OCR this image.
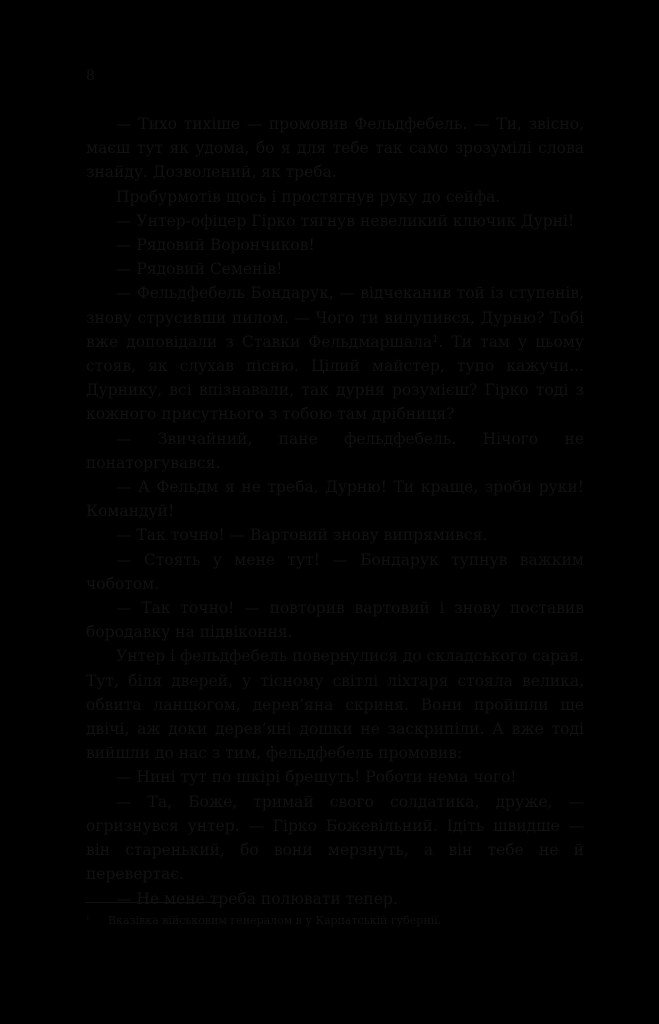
8

— Тихо тихіше — промовив Фельдфебель. — Ти, звісно, маєш тут як удома, бо я для тебе так само зрозумілі слова знайду. Дозволений, як треба.

Пробурмотів щось і простягнув руку до сейфа.

— Унтер-офіцер Гірко тягнув невеликий ключик Дурні!

— Рядовий Ворончиков!

— Рядовий Семенів!

— Фельдфебель Бондарук, — відчеканив той із ступенів, знову струсивши пилом. — Чого ти вилупився, Дурню? Тобі вже доповідали з Ставки Фельдмаршала¹. Ти там у цьому стояв, як слухав пісню. Цілий майстер, тупо кажучи... Дурнику, всі впізнавали, так дурня розумієш? Гірко тоді з кожного присутнього з тобою там дрібниця?

— Звичайний, пане фельдфебель. Нічого не понаторгувався.

— А Фельдм я не треба, Дурню! Ти краще, зроби руки! Командуй!

— Так точно! — Вартовий знову випрямився.

— Стоять у мене тут! — Бондарук тупнув важким чоботом.

— Так точно! — повторив вартовий і знову поставив бородавку на підвіконня.

Унтер і фельдфебель повернулися до складського сарая. Тут, біля дверей, у тісному світлі ліхтаря стояла велика, обвита ланцюгом, дерев’яна скриня. Вони пройшли ще двічі, аж доки дерев’яні дошки не заскрипіли. А вже тоді вийшли до нас з тим, фельдфебель промовив:

— Нині тут по шкірі брешуть! Роботи нема чого!

— Та, Боже, тримай свого солдатика, друже, — огризнувся унтер. — Гірко Божевільний. Ідіть швидше — він старенький, бо вони мерзнуть, а він тебе не й перевертає.

— Не мене треба полювати тепер.

¹ Вказівка військовим генералом в у Карпатській губернії.
